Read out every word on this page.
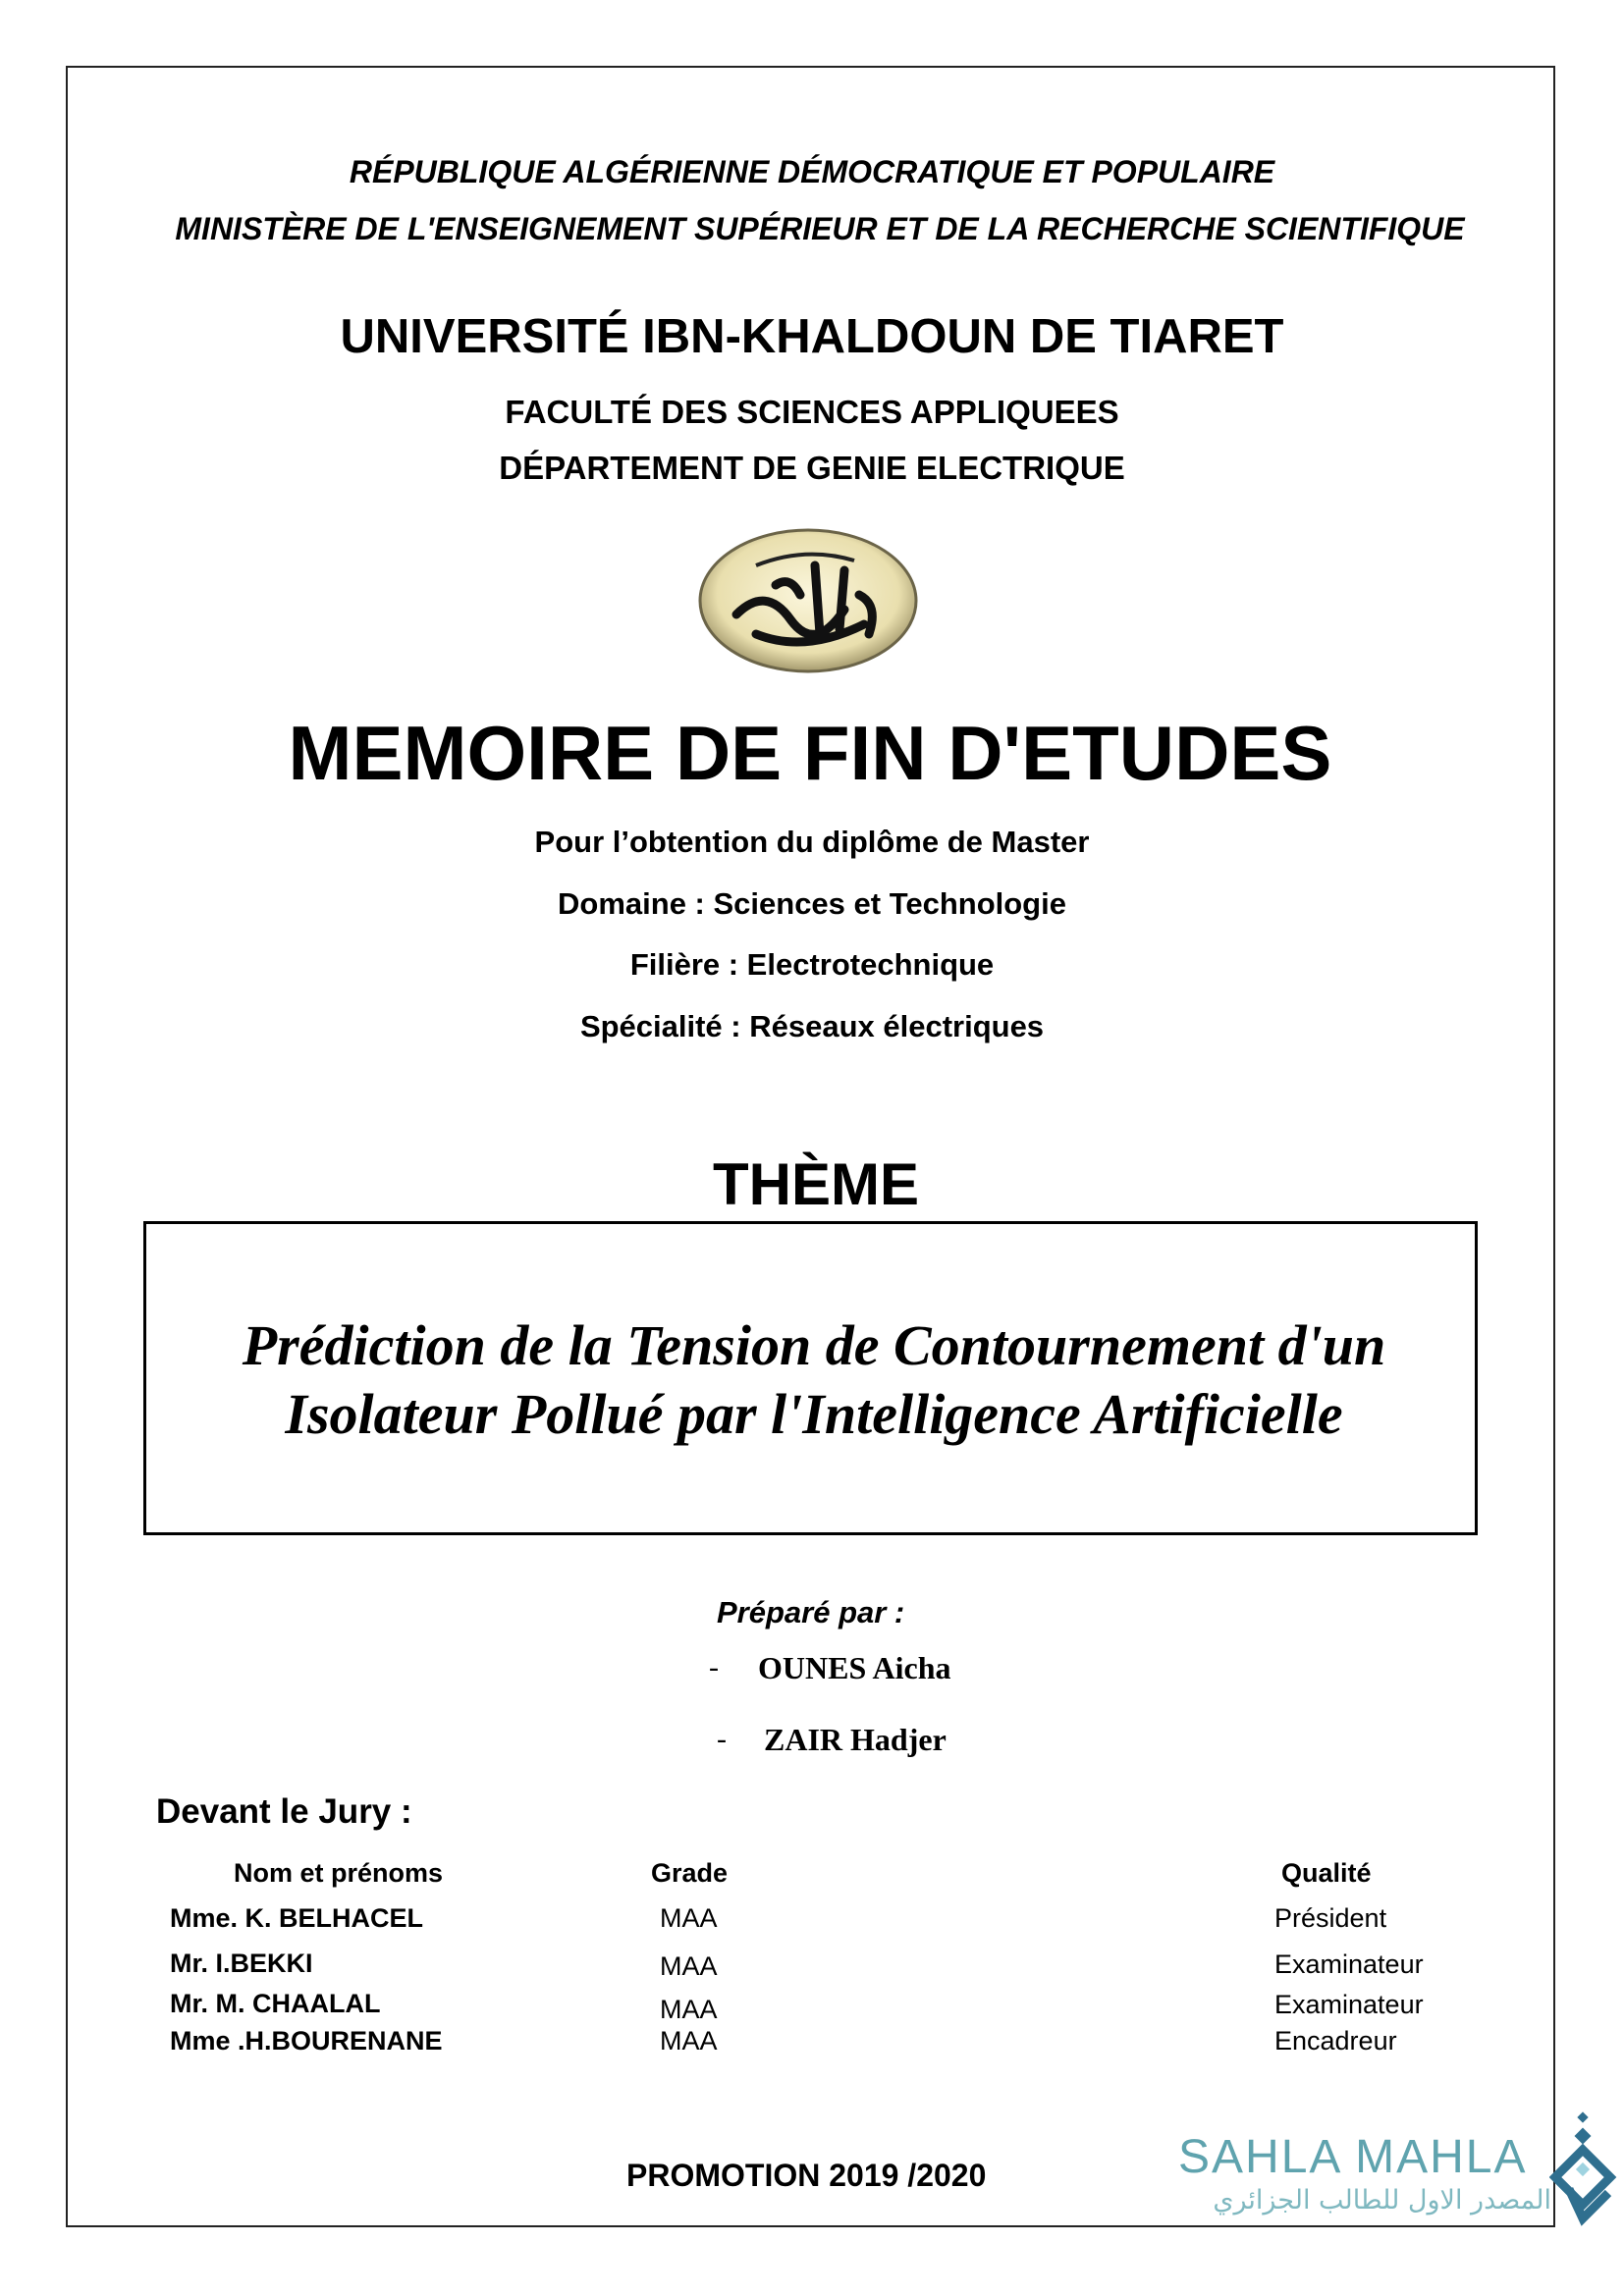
RÉPUBLIQUE ALGÉRIENNE DÉMOCRATIQUE ET POPULAIRE
MINISTÈRE DE L'ENSEIGNEMENT SUPÉRIEUR ET DE LA RECHERCHE SCIENTIFIQUE
UNIVERSITÉ IBN-KHALDOUN DE TIARET
FACULTÉ DES SCIENCES APPLIQUEES
DÉPARTEMENT DE GENIE ELECTRIQUE
MEMOIRE DE FIN D'ETUDES
Pour l’obtention du diplôme de Master
Domaine : Sciences et Technologie
Filière : Electrotechnique
Spécialité : Réseaux électriques
THÈME
Prédiction de la Tension de Contournement d'un
Isolateur Pollué par l'Intelligence Artificielle
Préparé par :
- OUNES Aicha
- ZAIR Hadjer
Devant le Jury :
Nom et prénoms	Grade	Qualité
Mme. K. BELHACEL	MAA	Président
Mr. I.BEKKI	MAA	Examinateur
Mr. M. CHAALAL	MAA	Examinateur
Mme .H.BOURENANE	MAA	Encadreur
PROMOTION 2019 /2020	SAHLA MAHLA
المصدر الاول للطالب الجزائري
